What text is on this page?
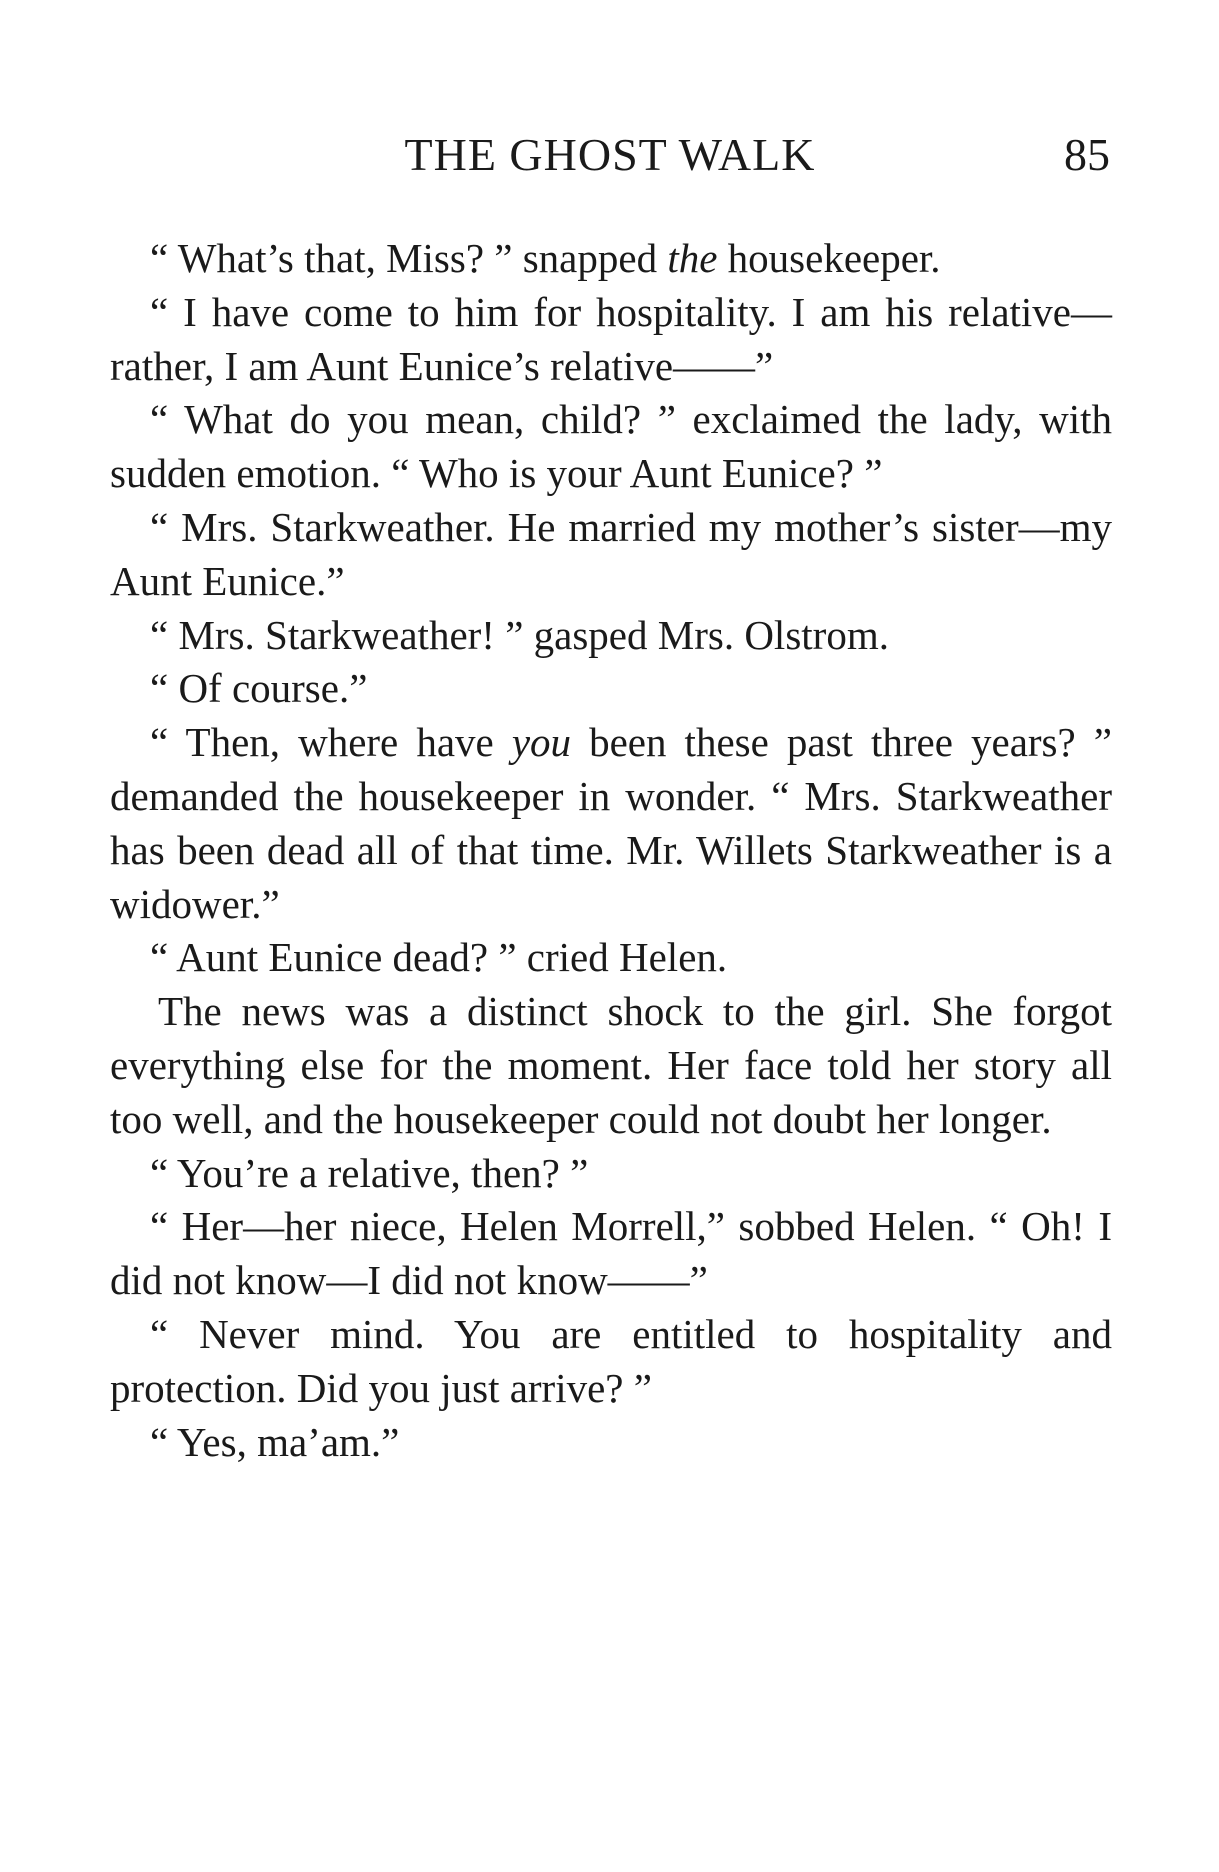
THE GHOST WALK	85

“ What’s that, Miss? ” snapped the housekeeper.

“ I have come to him for hospitality. I am his relative—rather, I am Aunt Eunice’s relative——”

“ What do you mean, child? ” exclaimed the lady, with sudden emotion. “ Who is your Aunt Eunice? ”

“ Mrs. Starkweather. He married my mother’s sister—my Aunt Eunice.”

“ Mrs. Starkweather! ” gasped Mrs. Olstrom.

“ Of course.”

“ Then, where have you been these past three years? ” demanded the housekeeper in wonder. “ Mrs. Starkweather has been dead all of that time. Mr. Willets Starkweather is a widower.”

“ Aunt Eunice dead? ” cried Helen.

The news was a distinct shock to the girl. She forgot everything else for the moment. Her face told her story all too well, and the housekeeper could not doubt her longer.

“ You’re a relative, then? ”

“ Her—her niece, Helen Morrell,” sobbed Helen. “ Oh! I did not know—I did not know——”

“ Never mind. You are entitled to hospitality and protection. Did you just arrive? ”

“ Yes, ma’am.”
